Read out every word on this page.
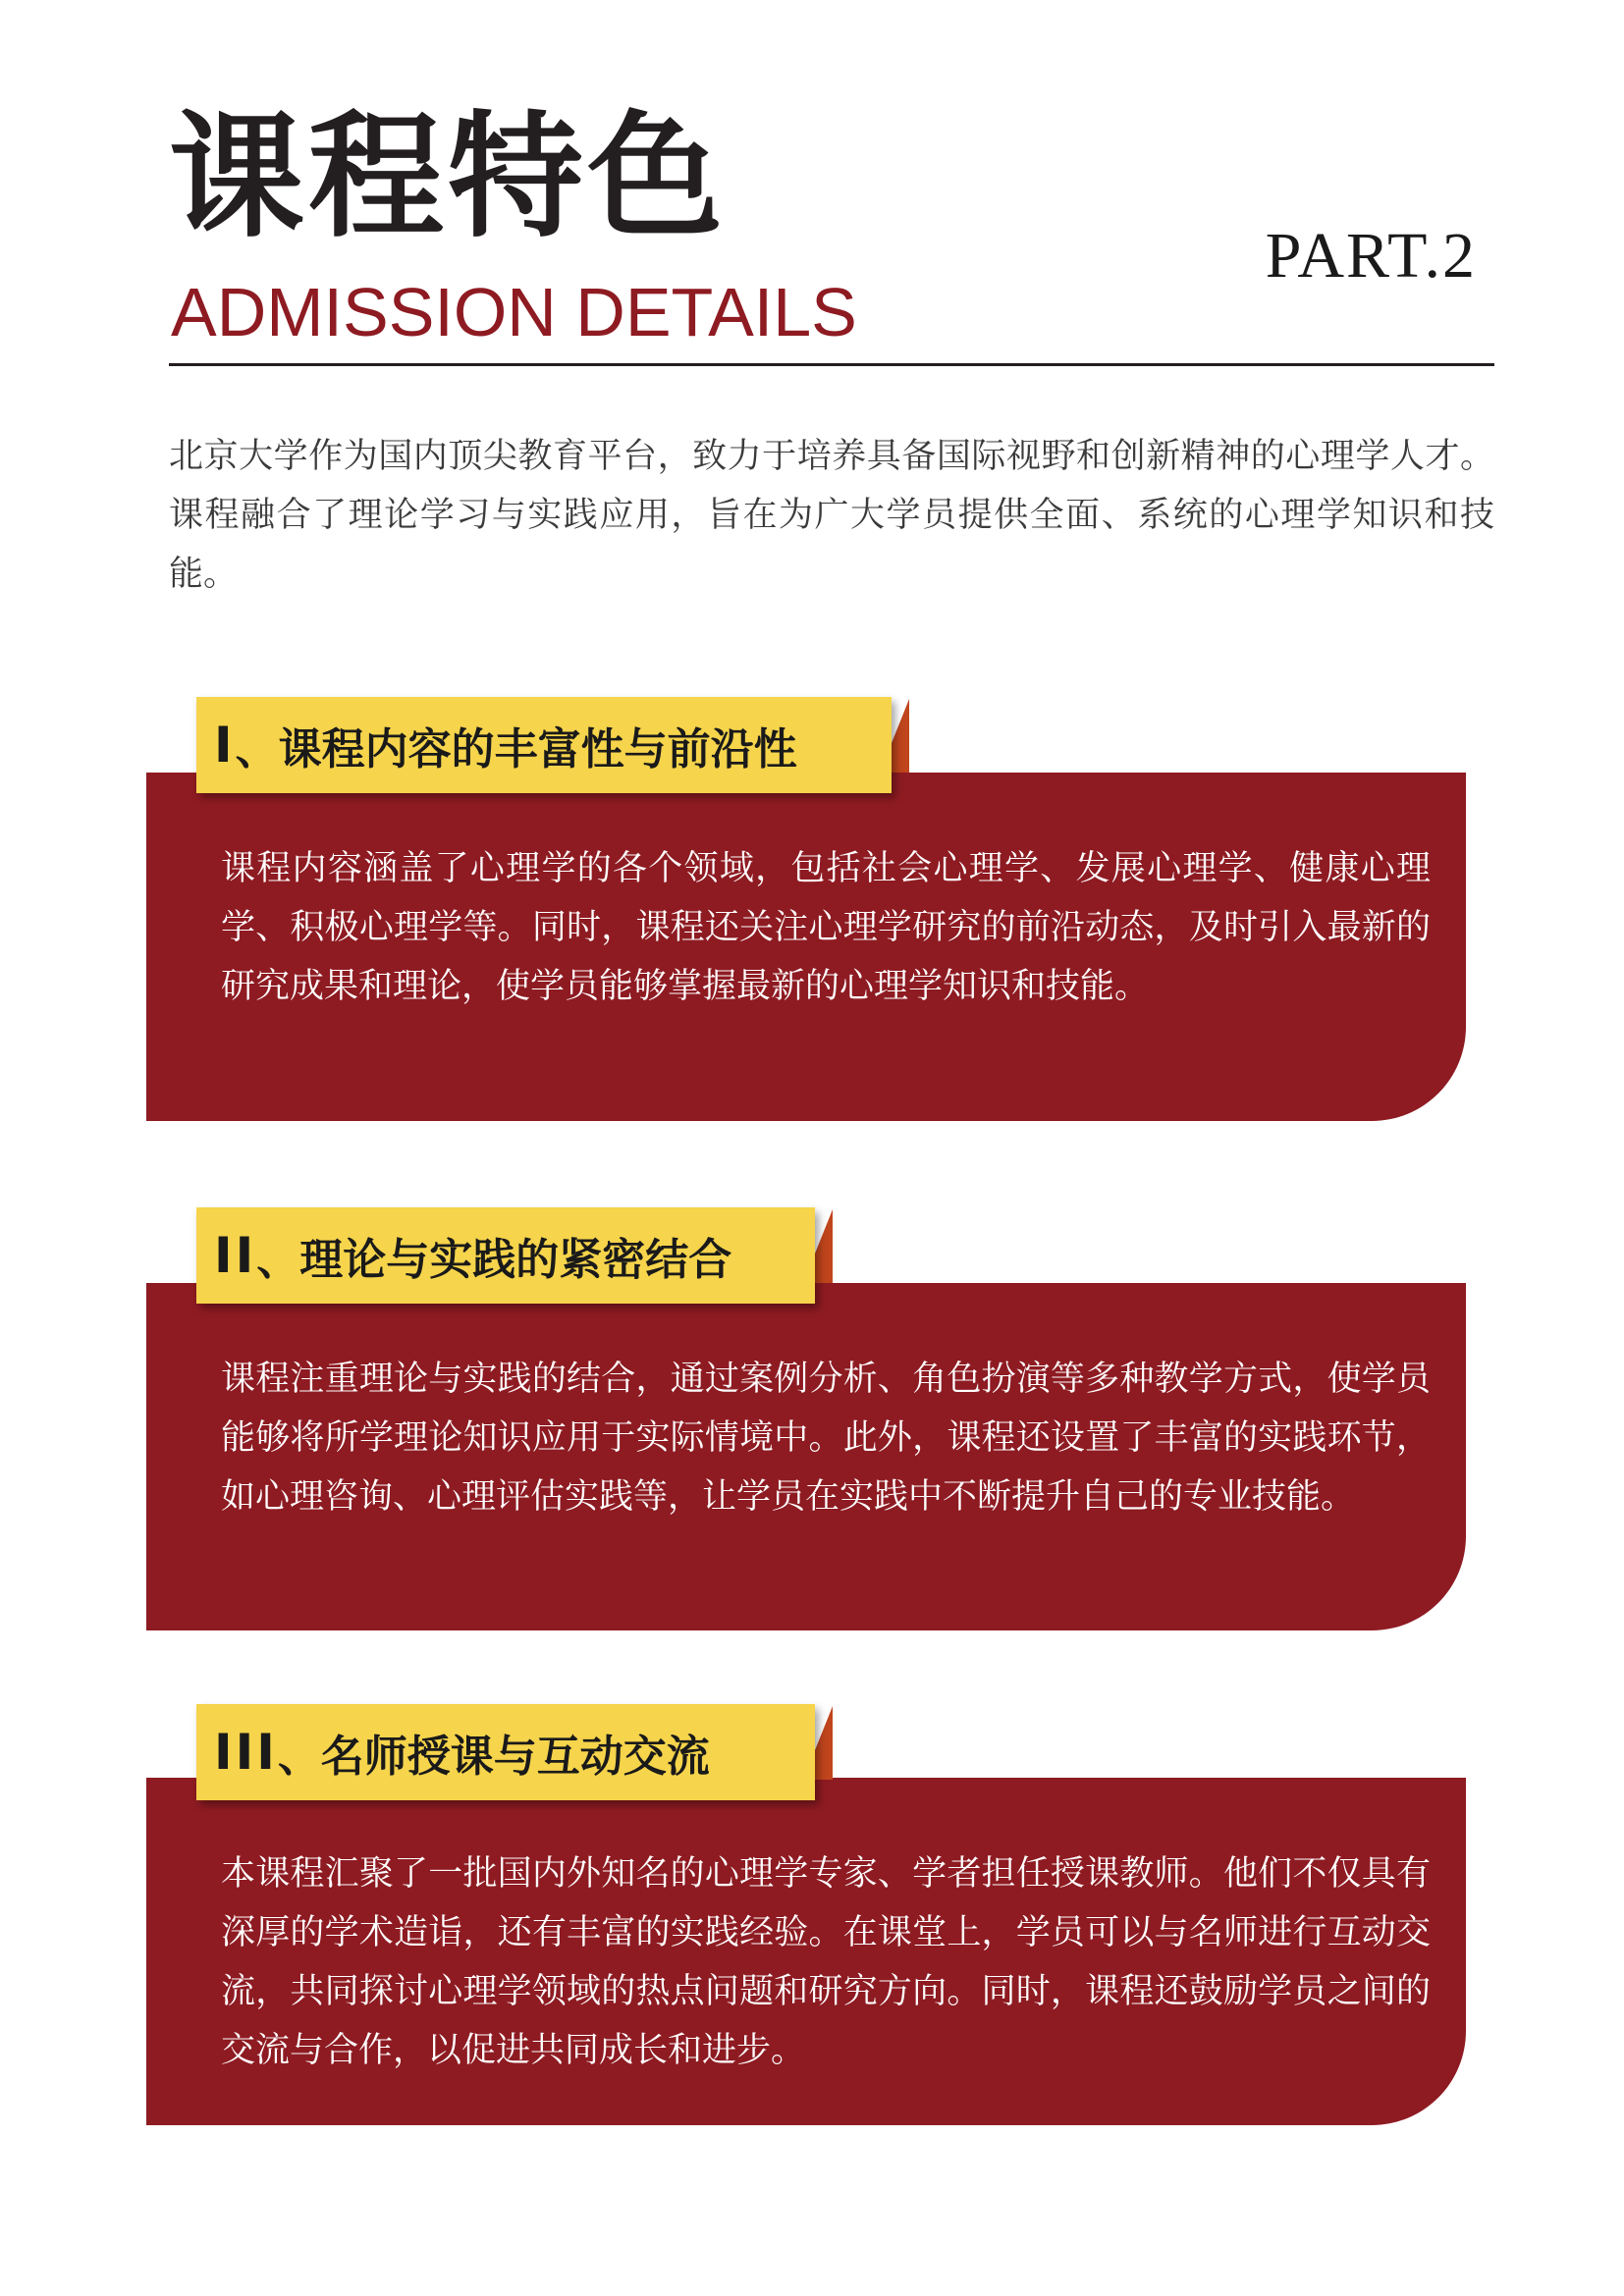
课程特色
ADMISSION DETAILS
PART.2
北京大学作为国内顶尖教育平台，致力于培养具备国际视野和创新精神的心理学人才。课程融合了理论学习与实践应用，旨在为广大学员提供全面、系统的心理学知识和技能。
课程内容涵盖了心理学的各个领域，包括社会心理学、发展心理学、健康心理学、积极心理学等。同时，课程还关注心理学研究的前沿动态，及时引入最新的研究成果和理论，使学员能够掌握最新的心理学知识和技能。
I 、课程内容的丰富性与前沿性
课程注重理论与实践的结合，通过案例分析、角色扮演等多种教学方式，使学员能够将所学理论知识应用于实际情境中。此外，课程还设置了丰富的实践环节，如心理咨询、心理评估实践等，让学员在实践中不断提升自己的专业技能。
II 、理论与实践的紧密结合
本课程汇聚了一批国内外知名的心理学专家、学者担任授课教师。他们不仅具有深厚的学术造诣，还有丰富的实践经验。在课堂上，学员可以与名师进行互动交流，共同探讨心理学领域的热点问题和研究方向。同时，课程还鼓励学员之间的交流与合作，以促进共同成长和进步。
III 、名师授课与互动交流
